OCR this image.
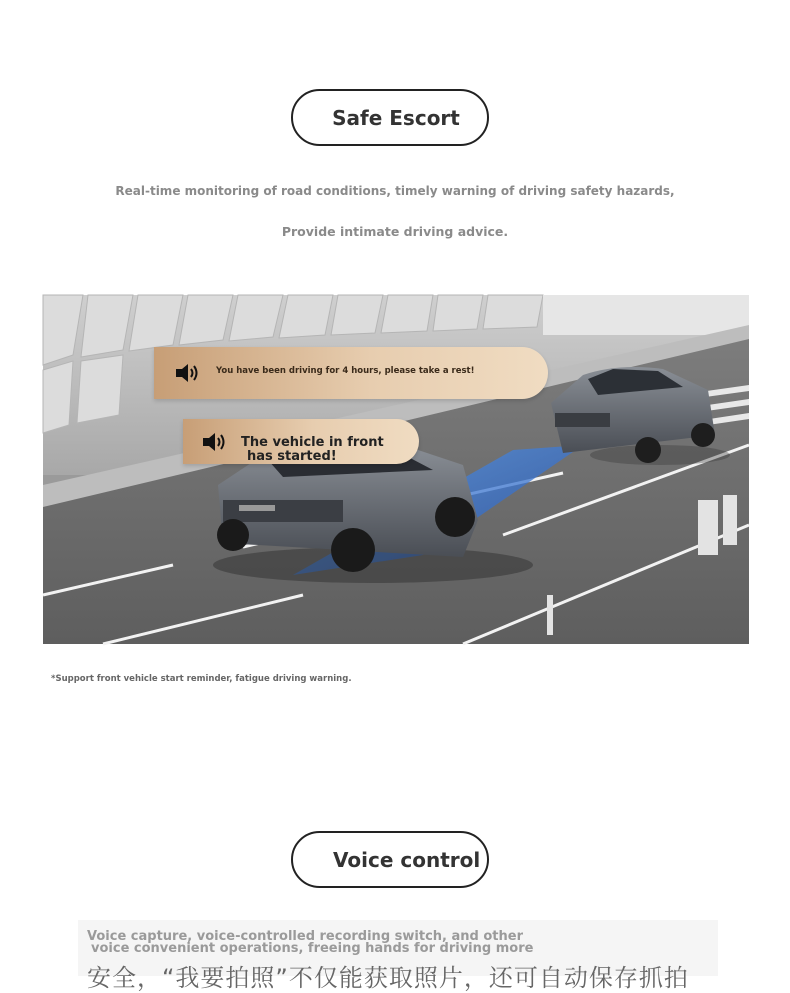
Safe Escort
Real-time monitoring of road conditions, timely warning of driving safety hazards,
Provide intimate driving advice.
You have been driving for 4 hours, please take a rest!
The vehicle in front
has started!
*Support front vehicle start reminder, fatigue driving warning.
Voice control
Voice capture, voice-controlled recording switch, and other
voice convenient operations, freeing hands for driving more
安全，“我要拍照”不仅能获取照片，还可自动保存抓拍
